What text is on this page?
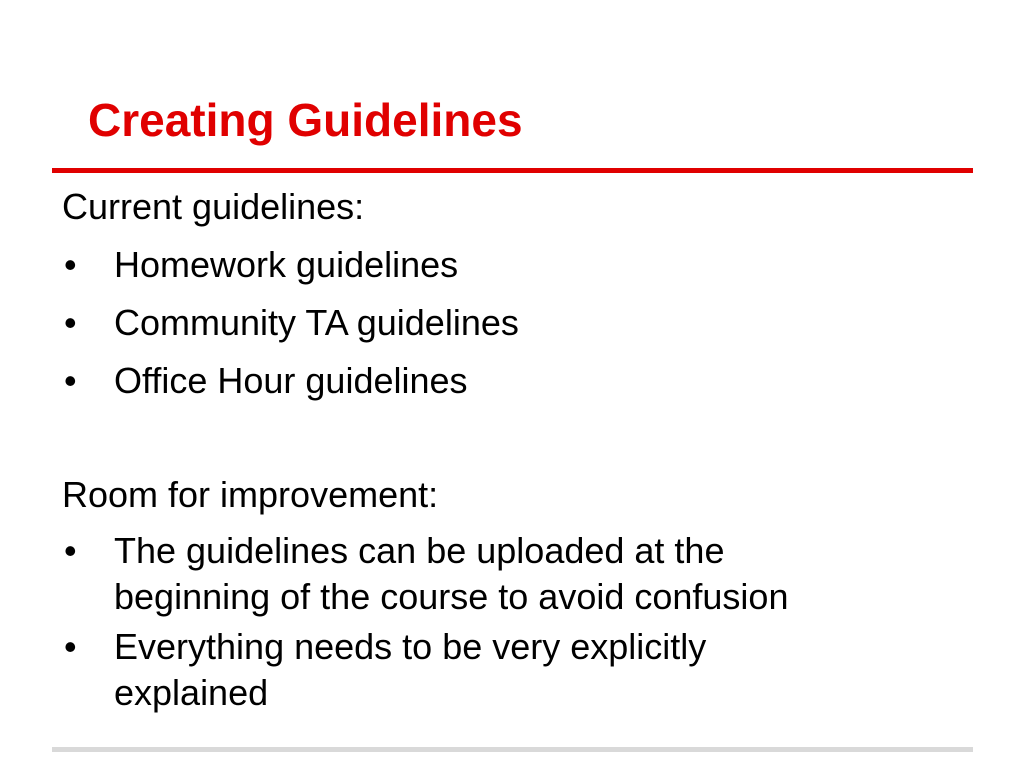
Creating Guidelines

Current guidelines:

• Homework guidelines
• Community TA guidelines
• Office Hour guidelines

Room for improvement:

• The guidelines can be uploaded at the
beginning of the course to avoid confusion
• Everything needs to be very explicitly
explained
